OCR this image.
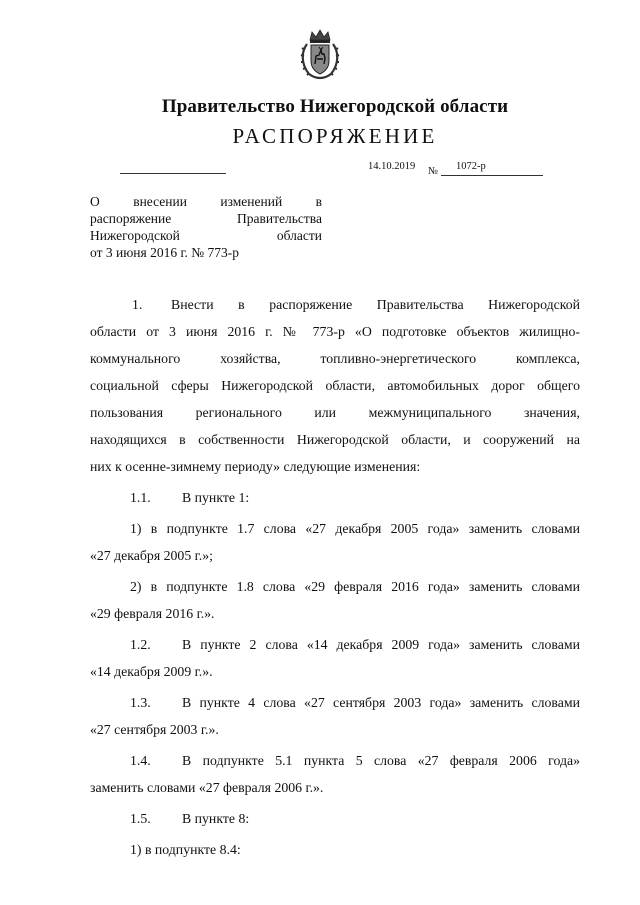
Правительство Нижегородской области
РАСПОРЯЖЕНИЕ
14.10.2019 № 1072-р
О внесении изменений в
распоряжение Правительства
Нижегородской области
от 3 июня 2016 г. № 773-р
1. Внести в распоряжение Правительства Нижегородской
области от 3 июня 2016 г. № 773-р «О подготовке объектов жилищно-
коммунального хозяйства, топливно-энергетического комплекса,
социальной сферы Нижегородской области, автомобильных дорог общего
пользования регионального или межмуниципального значения,
находящихся в собственности Нижегородской области, и сооружений на
них к осенне-зимнему периоду» следующие изменения:
1.1. В пункте 1:
1) в подпункте 1.7 слова «27 декабря 2005 года» заменить словами
«27 декабря 2005 г.»;
2) в подпункте 1.8 слова «29 февраля 2016 года» заменить словами
«29 февраля 2016 г.».
1.2. В пункте 2 слова «14 декабря 2009 года» заменить словами
«14 декабря 2009 г.».
1.3. В пункте 4 слова «27 сентября 2003 года» заменить словами
«27 сентября 2003 г.».
1.4. В подпункте 5.1 пункта 5 слова «27 февраля 2006 года»
заменить словами «27 февраля 2006 г.».
1.5. В пункте 8:
1) в подпункте 8.4:
